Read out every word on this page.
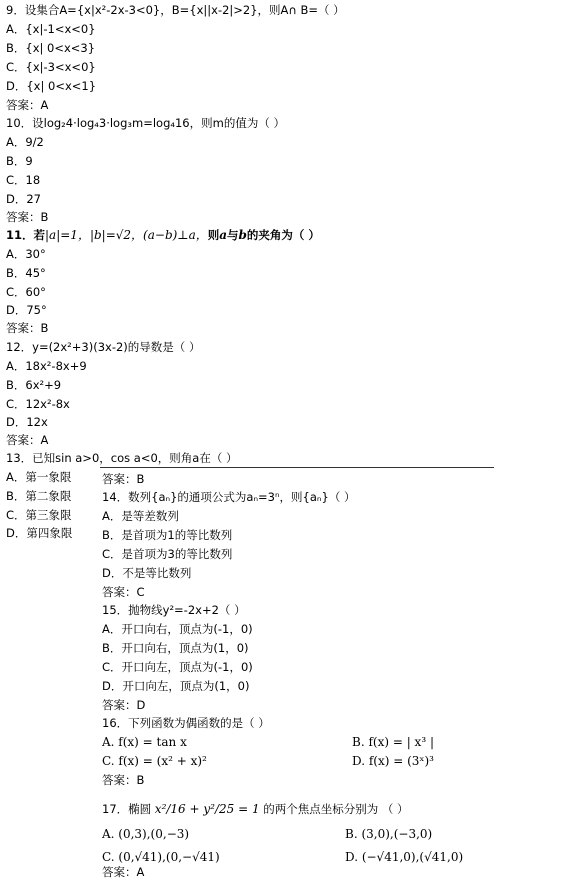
9．设集合A={x|x²-2x-3<0}，B={x||x-2|>2}，则A∩ B=（ ）
A．{x|-1<x<0}
B．{x| 0<x<3}
C．{x|-3<x<0}
D．{x| 0<x<1}
答案：A
10．设log₂4·log₄3·log₃m=log₄16，则m的值为（ ）
A．9/2
B．9
C．18
D．27
答案：B
11．若|a|=1，|b|=√2，(a−b)⊥a，则a与b的夹角为（ ）
A．30°
B．45°
C．60°
D．75°
答案：B
12．y=(2x²+3)(3x-2)的导数是（ ）
A．18x²-8x+9
B．6x²+9
C．12x²-8x
D．12x
答案：A
13．已知sin a>0，cos a<0，则角a在（ ）
A．第一象限
B．第二象限
C．第三象限
D．第四象限
答案：B
14．数列{aₙ}的通项公式为aₙ=3ⁿ，则{aₙ}（ ）
A．是等差数列
B．是首项为1的等比数列
C．是首项为3的等比数列
D．不是等比数列
答案：C
15．抛物线y²=-2x+2（ ）
A．开口向右，顶点为(-1，0)
B．开口向右，顶点为(1，0)
C．开口向左，顶点为(-1，0)
D．开口向左，顶点为(1，0)
答案：D
16．下列函数为偶函数的是（ ）
A. f(x) = tan x	B. f(x) = | x³ |
C. f(x) = (x² + x)²	D. f(x) = (3ˣ)³
答案：B
17．椭圆 x²/16 + y²/25 = 1 的两个焦点坐标分别为 （ ）
A. (0,3),(0,−3)	B. (3,0),(−3,0)
C. (0,√41),(0,−√41)	D. (−√41,0),(√41,0)
答案：A
